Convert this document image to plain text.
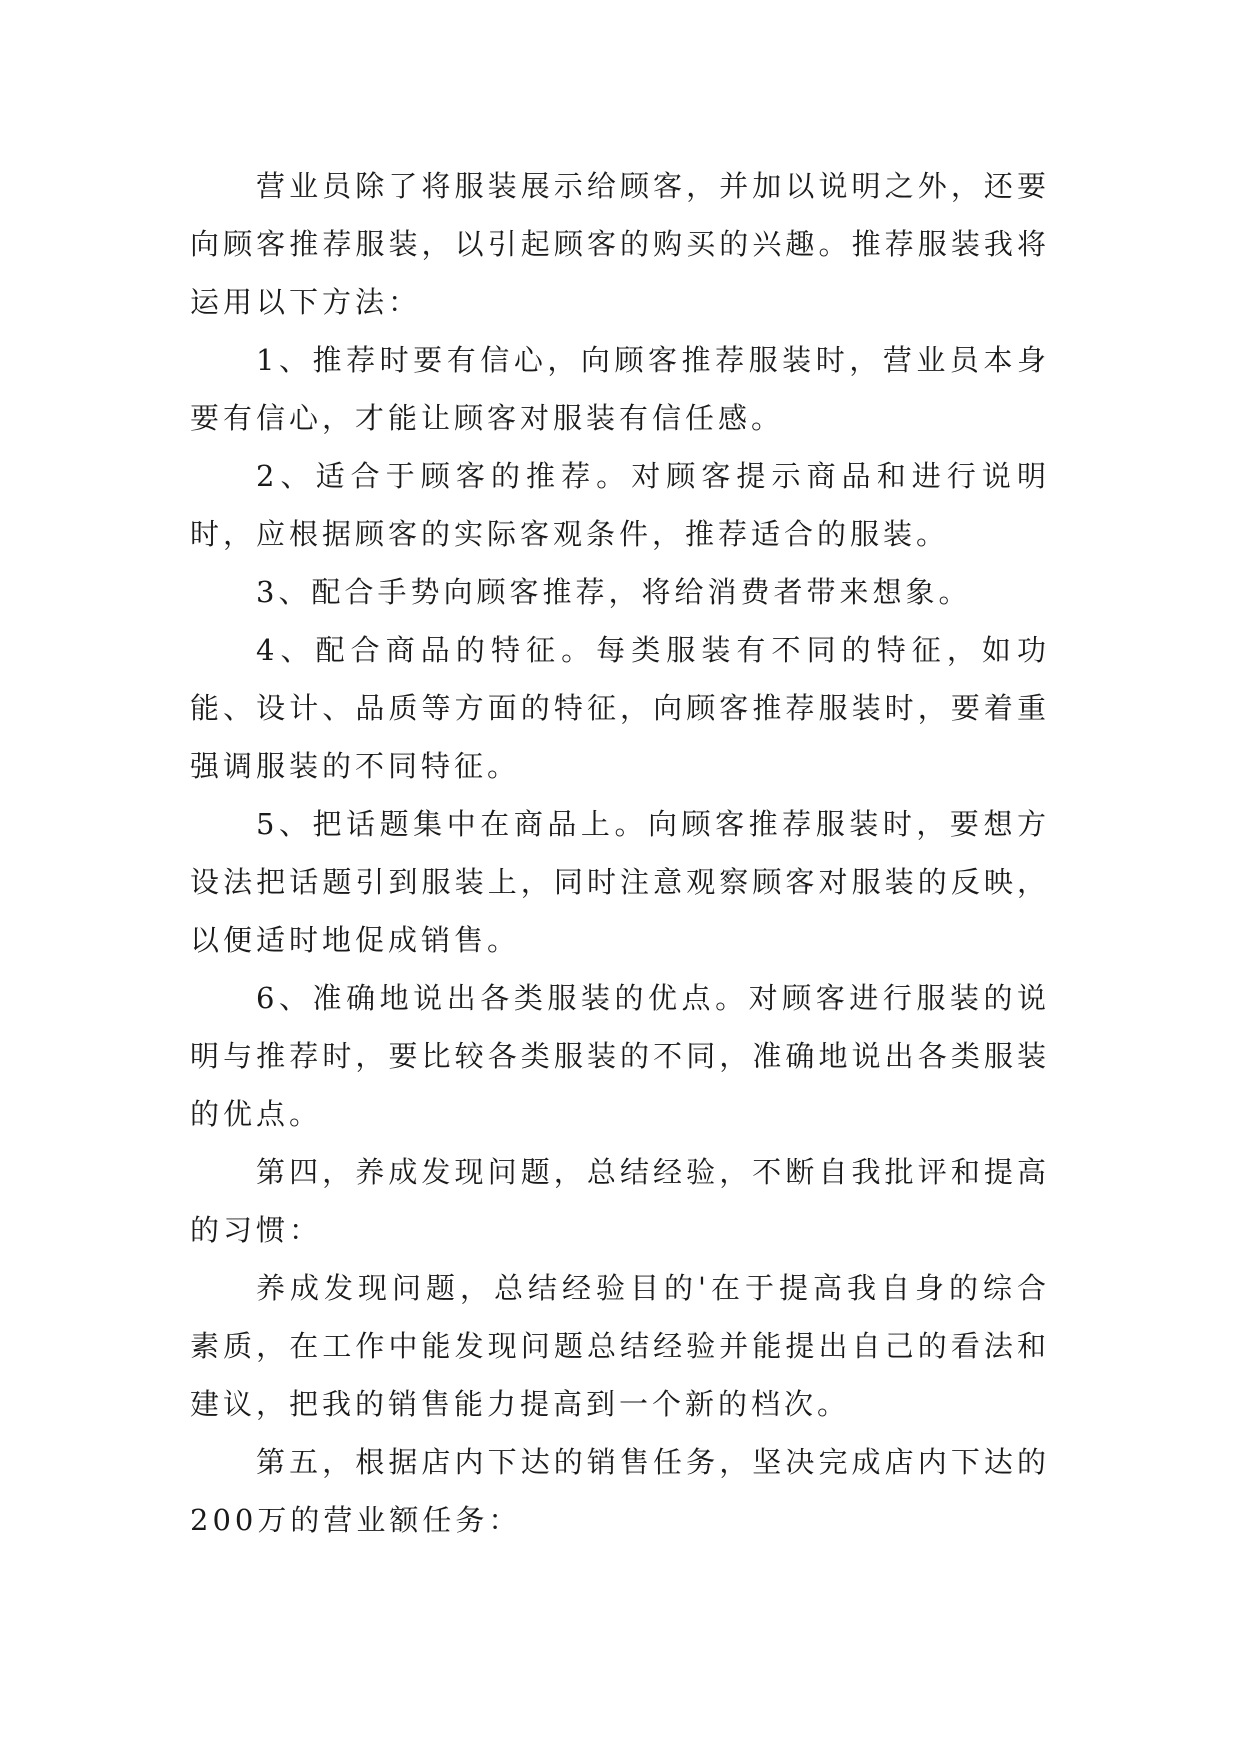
营业员除了将服装展示给顾客，并加以说明之外，还要向顾客推荐服装，以引起顾客的购买的兴趣。推荐服装我将运用以下方法：

1、推荐时要有信心，向顾客推荐服装时，营业员本身要有信心，才能让顾客对服装有信任感。

2、适合于顾客的推荐。对顾客提示商品和进行说明时，应根据顾客的实际客观条件，推荐适合的服装。

3、配合手势向顾客推荐，将给消费者带来想象。

4、配合商品的特征。每类服装有不同的特征，如功能、设计、品质等方面的特征，向顾客推荐服装时，要着重强调服装的不同特征。

5、把话题集中在商品上。向顾客推荐服装时，要想方设法把话题引到服装上，同时注意观察顾客对服装的反映，以便适时地促成销售。

6、准确地说出各类服装的优点。对顾客进行服装的说明与推荐时，要比较各类服装的不同，准确地说出各类服装的优点。

第四，养成发现问题，总结经验，不断自我批评和提高的习惯：

养成发现问题，总结经验目的'在于提高我自身的综合素质，在工作中能发现问题总结经验并能提出自己的看法和建议，把我的销售能力提高到一个新的档次。

第五，根据店内下达的销售任务，坚决完成店内下达的200万的营业额任务：
